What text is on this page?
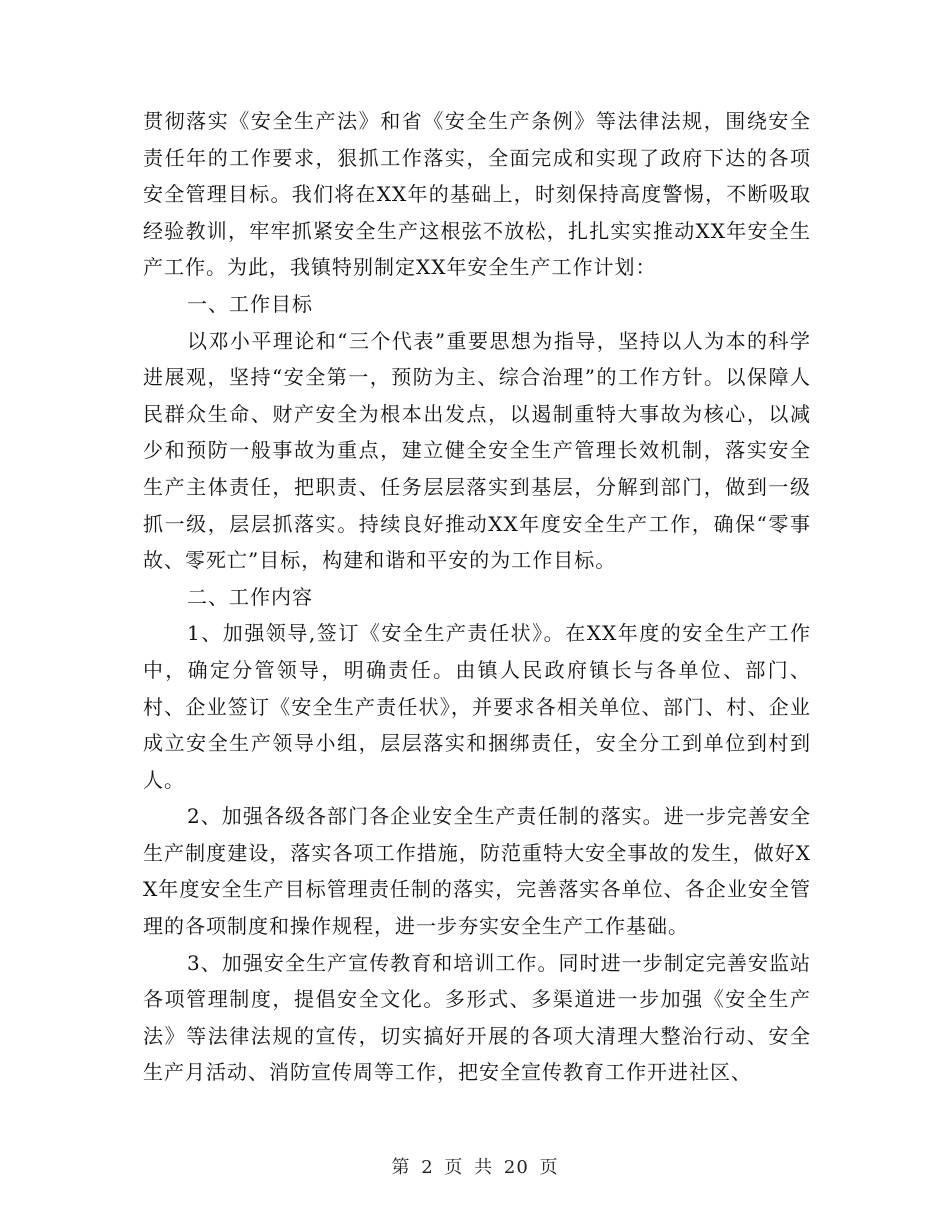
贯彻落实《安全生产法》和省《安全生产条例》等法律法规，围绕安全责任年的工作要求，狠抓工作落实，全面完成和实现了政府下达的各项安全管理目标。我们将在XX年的基础上，时刻保持高度警惕，不断吸取经验教训，牢牢抓紧安全生产这根弦不放松，扎扎实实推动XX年安全生产工作。为此，我镇特别制定XX年安全生产工作计划：

一、工作目标

以邓小平理论和“三个代表”重要思想为指导，坚持以人为本的科学进展观，坚持“安全第一，预防为主、综合治理”的工作方针。以保障人民群众生命、财产安全为根本出发点，以遏制重特大事故为核心，以减少和预防一般事故为重点，建立健全安全生产管理长效机制，落实安全生产主体责任，把职责、任务层层落实到基层，分解到部门，做到一级抓一级，层层抓落实。持续良好推动XX年度安全生产工作，确保“零事故、零死亡”目标，构建和谐和平安的为工作目标。

二、工作内容

1、加强领导,签订《安全生产责任状》。在XX年度的安全生产工作中，确定分管领导，明确责任。由镇人民政府镇长与各单位、部门、村、企业签订《安全生产责任状》，并要求各相关单位、部门、村、企业成立安全生产领导小组，层层落实和捆绑责任，安全分工到单位到村到人。

2、加强各级各部门各企业安全生产责任制的落实。进一步完善安全生产制度建设，落实各项工作措施，防范重特大安全事故的发生，做好XX年度安全生产目标管理责任制的落实，完善落实各单位、各企业安全管理的各项制度和操作规程，进一步夯实安全生产工作基础。

3、加强安全生产宣传教育和培训工作。同时进一步制定完善安监站各项管理制度，提倡安全文化。多形式、多渠道进一步加强《安全生产法》等法律法规的宣传，切实搞好开展的各项大清理大整治行动、安全生产月活动、消防宣传周等工作，把安全宣传教育工作开进社区、

第 2 页 共 20 页
